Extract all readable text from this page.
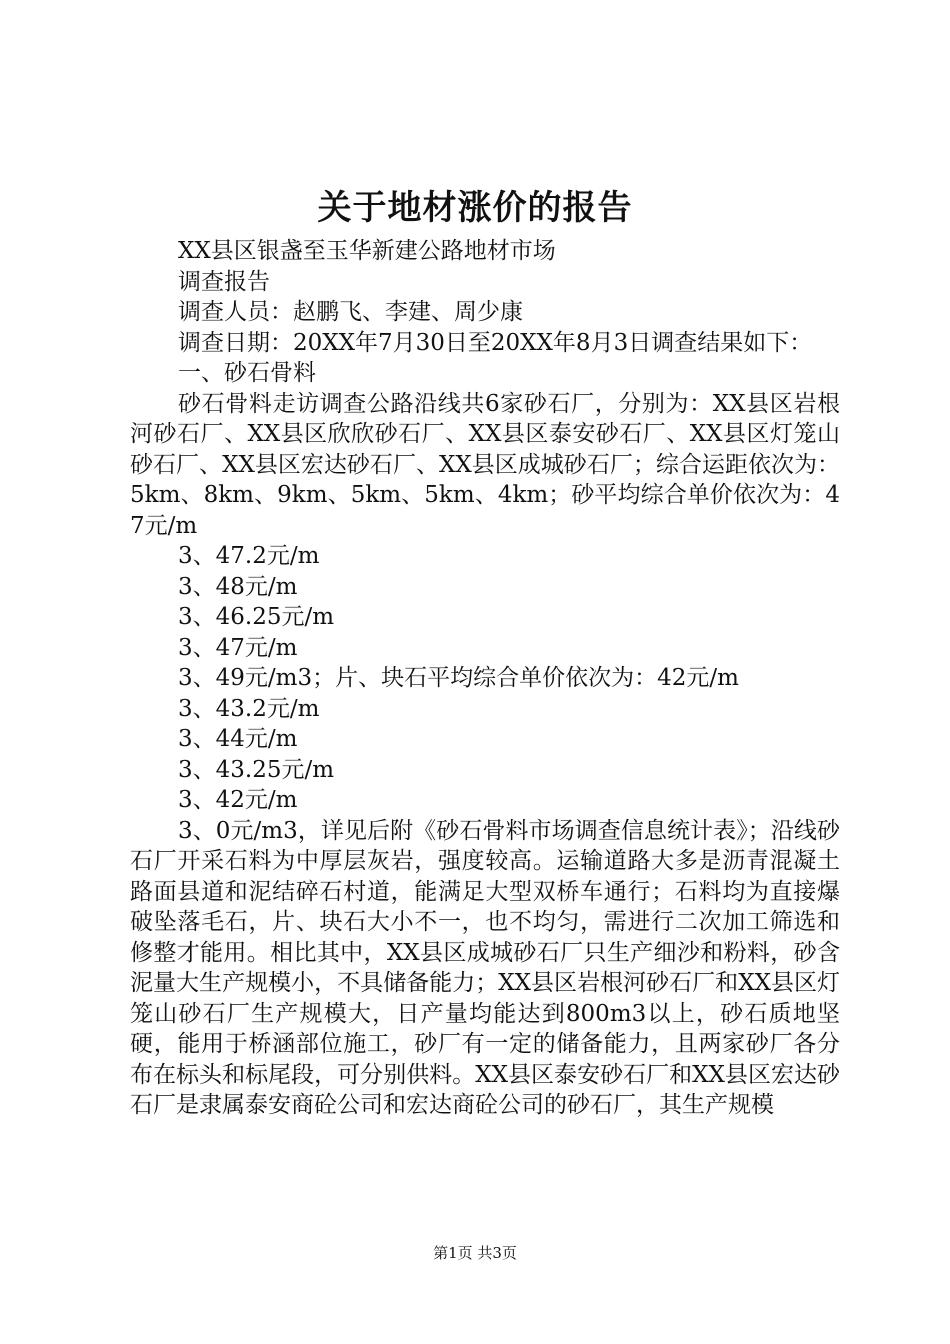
关于地材涨价的报告

XX县区银盏至玉华新建公路地材市场

调查报告

调查人员：赵鹏飞、李建、周少康

调查日期：20XX年7月30日至20XX年8月3日调查结果如下：

一、砂石骨料

砂石骨料走访调查公路沿线共6家砂石厂，分别为：XX县区岩根河砂石厂、XX县区欣欣砂石厂、XX县区泰安砂石厂、XX县区灯笼山砂石厂、XX县区宏达砂石厂、XX县区成城砂石厂；综合运距依次为：5km、8km、9km、5km、5km、4km；砂平均综合单价依次为：47元/m

3、47.2元/m

3、48元/m

3、46.25元/m

3、47元/m

3、49元/m3；片、块石平均综合单价依次为：42元/m

3、43.2元/m

3、44元/m

3、43.25元/m

3、42元/m

3、0元/m3，详见后附《砂石骨料市场调查信息统计表》；沿线砂石厂开采石料为中厚层灰岩，强度较高。运输道路大多是沥青混凝土路面县道和泥结碎石村道，能满足大型双桥车通行；石料均为直接爆破坠落毛石，片、块石大小不一，也不均匀，需进行二次加工筛选和修整才能用。相比其中，XX县区成城砂石厂只生产细沙和粉料，砂含泥量大生产规模小，不具储备能力；XX县区岩根河砂石厂和XX县区灯笼山砂石厂生产规模大，日产量均能达到800m3以上，砂石质地坚硬，能用于桥涵部位施工，砂厂有一定的储备能力，且两家砂厂各分布在标头和标尾段，可分别供料。XX县区泰安砂石厂和XX县区宏达砂石厂是隶属泰安商砼公司和宏达商砼公司的砂石厂，其生产规模

第1页 共3页
